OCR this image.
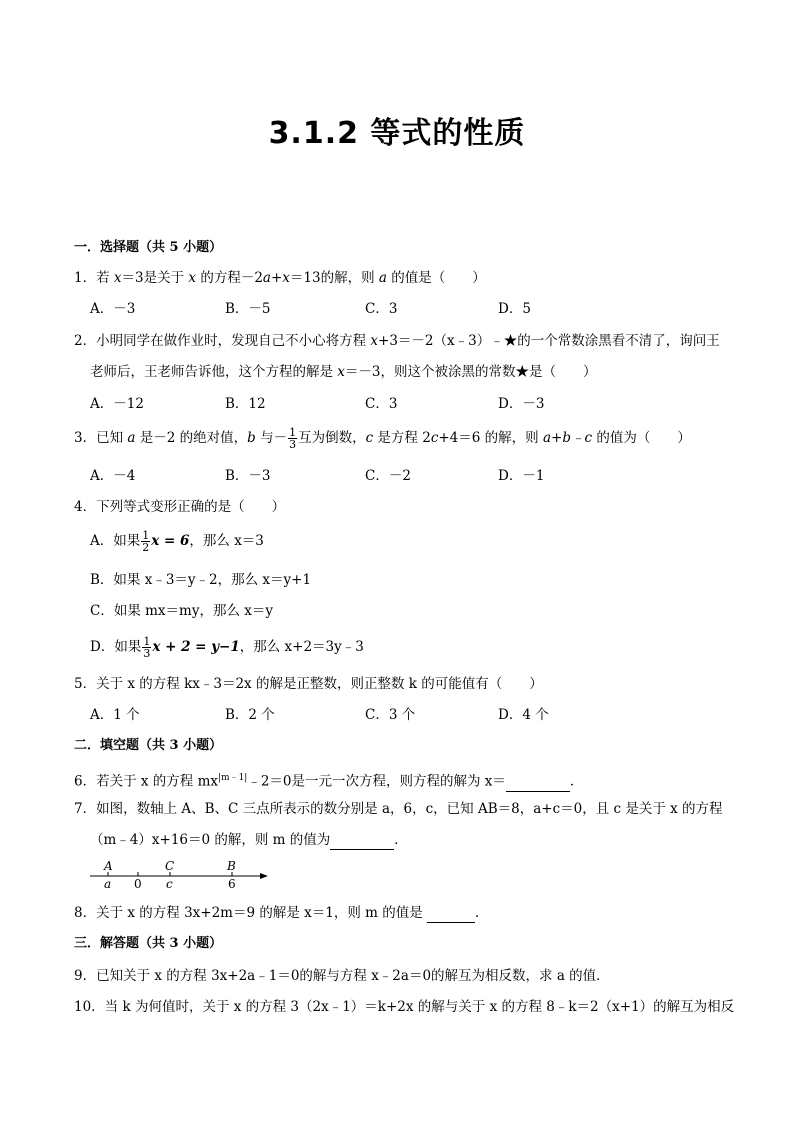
3.1.2 等式的性质
一．选择题（共 5 小题）
1．若 x＝3是关于 x 的方程－2a+x＝13的解，则 a 的值是（　　）
A．－3	B．－5	C．3	D．5
2．小明同学在做作业时，发现自己不小心将方程 x+3＝－2（x﹣3）﹣★的一个常数涂黑看不清了，询问王
老师后，王老师告诉他，这个方程的解是 x＝－3，则这个被涂黑的常数★是（　　）
A．－12	B．12	C．3	D．－3
3．已知 a 是－2 的绝对值，b 与－ $\frac{1}{3}$ 互为倒数，c 是方程 2c+4＝6 的解，则 a+b﹣c 的值为（　　）
A．－4	B．－3	C．－2	D．－1
4．下列等式变形正确的是（　　）
A．如果 $\frac{1}{2}$ x = 6，那么 x＝3
B．如果 x﹣3＝y﹣2，那么 x＝y+1
C．如果 mx＝my，那么 x＝y
D．如果 $\frac{1}{3}$ x + 2 = y−1，那么 x+2＝3y﹣3
5．关于 x 的方程 kx﹣3＝2x 的解是正整数，则正整数 k 的可能值有（　　）
A．1 个	B．2 个	C．3 个	D．4 个
二．填空题（共 3 小题）
6．若关于 x 的方程 $mx^{|m﹣1|}﹣2=0$是一元一次方程，则方程的解为 x＝	．
7．如图，数轴上 A、B、C 三点所表示的数分别是 a，6，c，已知 AB＝8，a+c＝0，且 c 是关于 x 的方程
（m﹣4）x+16＝0 的解，则 m 的值为	．
A	C	B
a 0 c	6
8．关于 x 的方程 3x+2m＝9 的解是 x＝1，则 m 的值是	．
三．解答题（共 3 小题）
9．已知关于 x 的方程 3x+2a﹣1＝0的解与方程 x﹣2a＝0的解互为相反数，求 a 的值．
10．当 k 为何值时，关于 x 的方程 3（2x﹣1）＝k+2x 的解与关于 x 的方程 8﹣k＝2（x+1）的解互为相反
